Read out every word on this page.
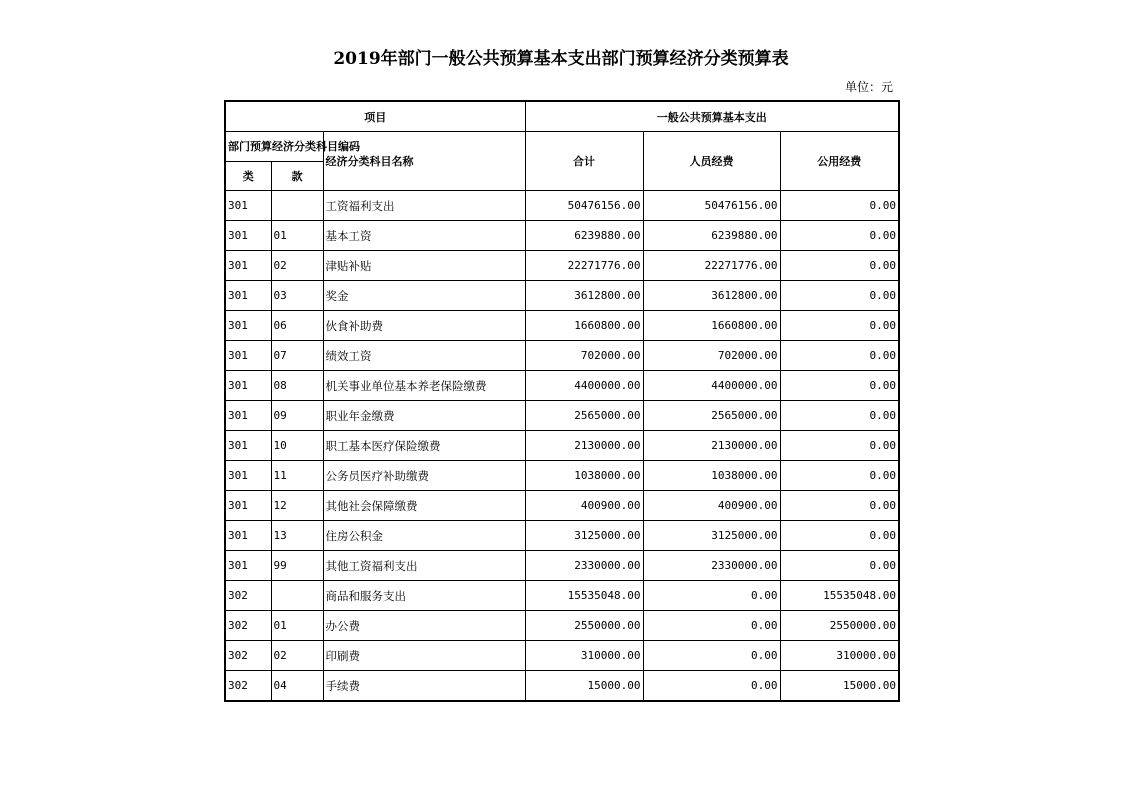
2019年部门一般公共预算基本支出部门预算经济分类预算表
单位：元
项目			一般公共预算基本支出		
部门预算经济分类科目编码		经济分类科目名称	合计	人员经费	公用经费
类	款				
301		工资福利支出	50476156.00	50476156.00	0.00
301	01	基本工资	6239880.00	6239880.00	0.00
301	02	津贴补贴	22271776.00	22271776.00	0.00
301	03	奖金	3612800.00	3612800.00	0.00
301	06	伙食补助费	1660800.00	1660800.00	0.00
301	07	绩效工资	702000.00	702000.00	0.00
301	08	机关事业单位基本养老保险缴费	4400000.00	4400000.00	0.00
301	09	职业年金缴费	2565000.00	2565000.00	0.00
301	10	职工基本医疗保险缴费	2130000.00	2130000.00	0.00
301	11	公务员医疗补助缴费	1038000.00	1038000.00	0.00
301	12	其他社会保障缴费	400900.00	400900.00	0.00
301	13	住房公积金	3125000.00	3125000.00	0.00
301	99	其他工资福利支出	2330000.00	2330000.00	0.00
302		商品和服务支出	15535048.00	0.00	15535048.00
302	01	办公费	2550000.00	0.00	2550000.00
302	02	印刷费	310000.00	0.00	310000.00
302	04	手续费	15000.00	0.00	15000.00
